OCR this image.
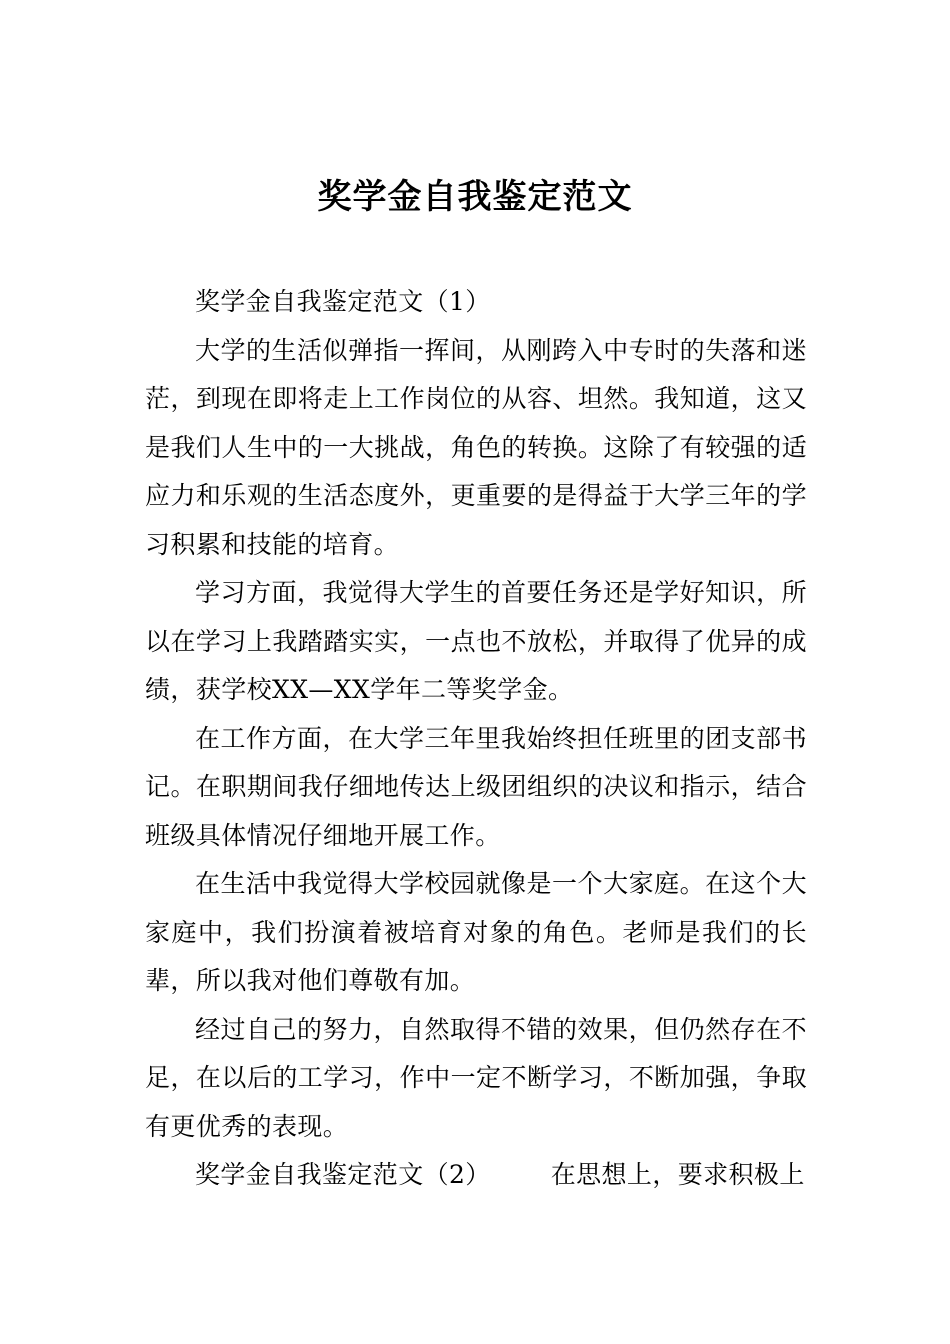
奖学金自我鉴定范文

奖学金自我鉴定范文（1）

大学的生活似弹指一挥间，从刚跨入中专时的失落和迷茫，到现在即将走上工作岗位的从容、坦然。我知道，这又是我们人生中的一大挑战，角色的转换。这除了有较强的适应力和乐观的生活态度外，更重要的是得益于大学三年的学习积累和技能的培育。

学习方面，我觉得大学生的首要任务还是学好知识，所以在学习上我踏踏实实，一点也不放松，并取得了优异的成绩，获学校XX—XX学年二等奖学金。

在工作方面，在大学三年里我始终担任班里的团支部书记。在职期间我仔细地传达上级团组织的决议和指示，结合班级具体情况仔细地开展工作。

在生活中我觉得大学校园就像是一个大家庭。在这个大家庭中，我们扮演着被培育对象的角色。老师是我们的长辈，所以我对他们尊敬有加。

经过自己的努力，自然取得不错的效果，但仍然存在不足，在以后的工学习，作中一定不断学习，不断加强，争取有更优秀的表现。

奖学金自我鉴定范文（2） 在思想上，要求积极上
